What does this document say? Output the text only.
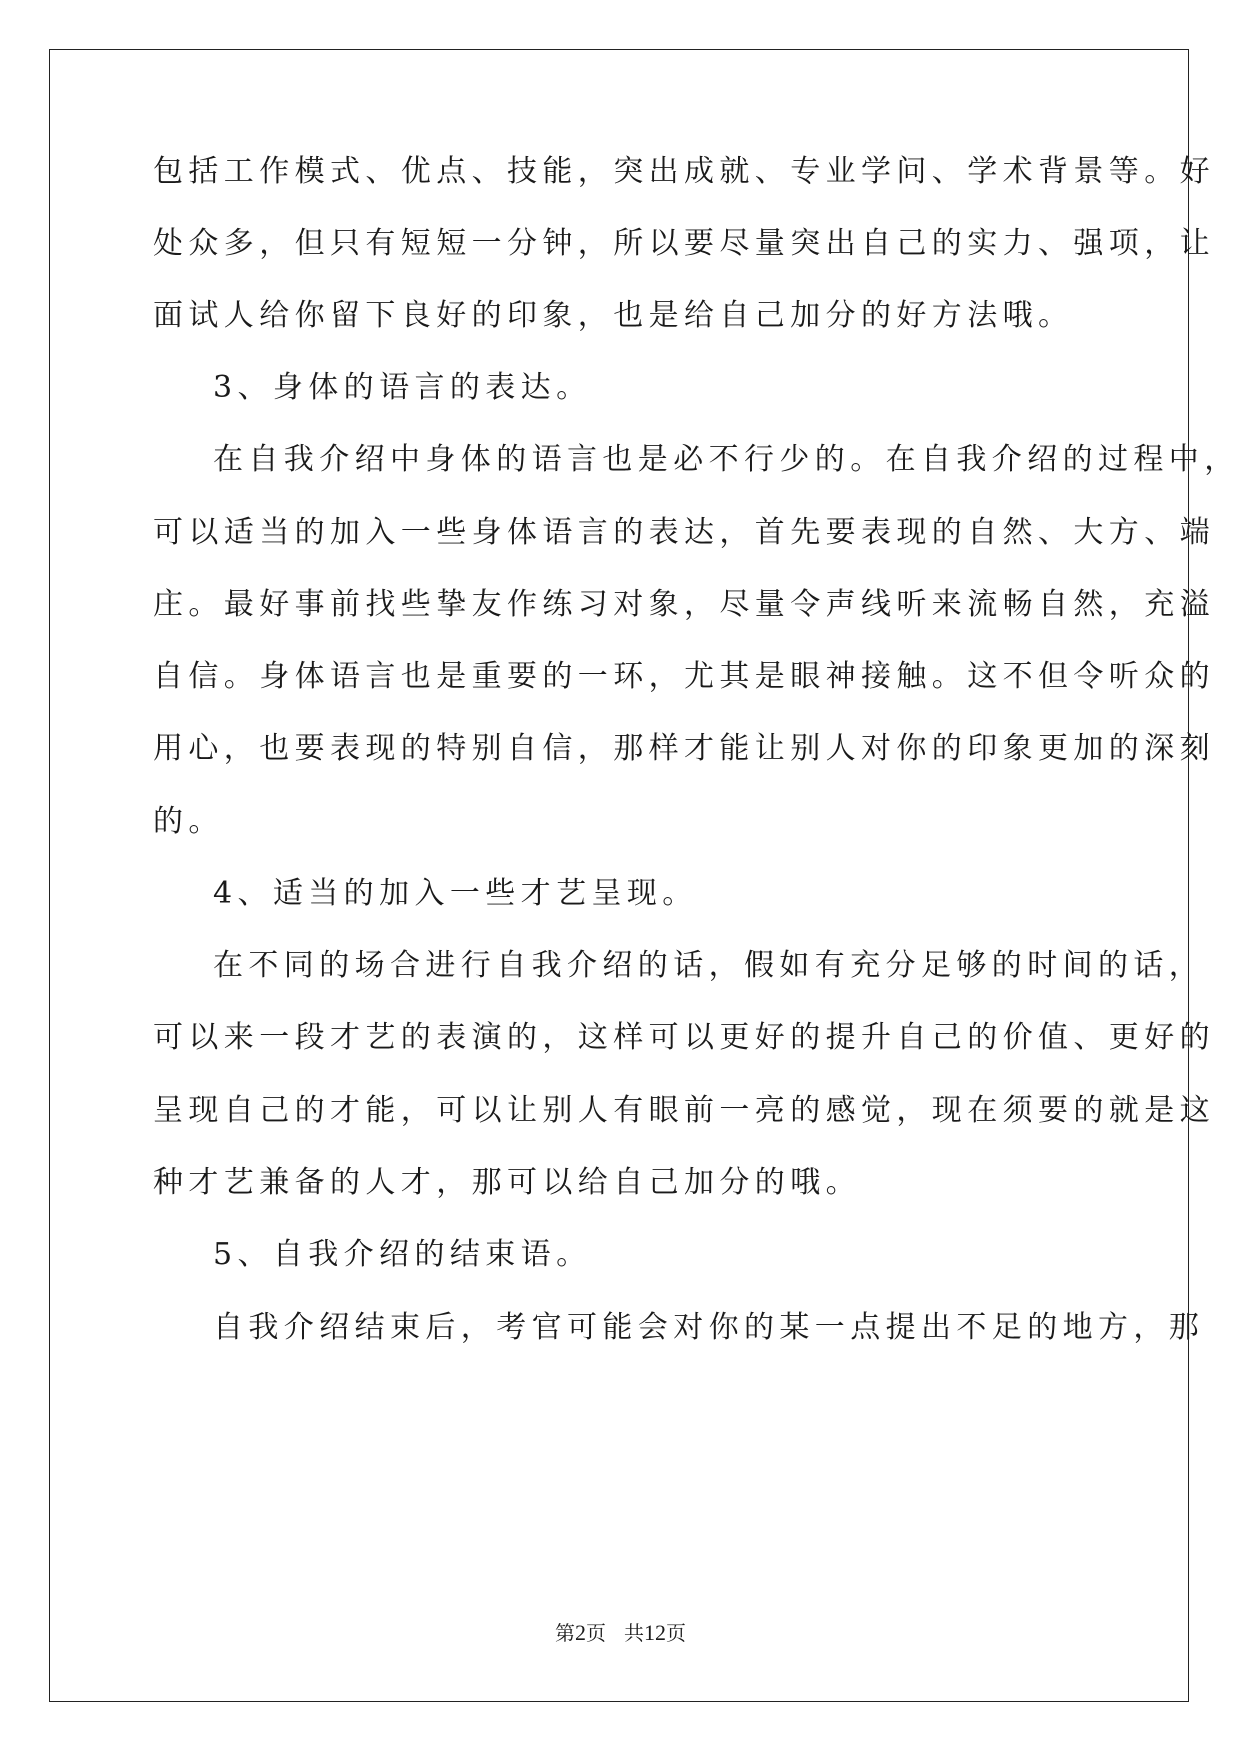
包括工作模式、优点、技能，突出成就、专业学问、学术背景等。好
处众多，但只有短短一分钟，所以要尽量突出自己的实力、强项，让
面试人给你留下良好的印象，也是给自己加分的好方法哦。
3、身体的语言的表达。
在自我介绍中身体的语言也是必不行少的。在自我介绍的过程中，
可以适当的加入一些身体语言的表达，首先要表现的自然、大方、端
庄。最好事前找些挚友作练习对象，尽量令声线听来流畅自然，充溢
自信。身体语言也是重要的一环，尤其是眼神接触。这不但令听众的
用心，也要表现的特别自信，那样才能让别人对你的印象更加的深刻
的。
4、适当的加入一些才艺呈现。
在不同的场合进行自我介绍的话，假如有充分足够的时间的话，
可以来一段才艺的表演的，这样可以更好的提升自己的价值、更好的
呈现自己的才能，可以让别人有眼前一亮的感觉，现在须要的就是这
种才艺兼备的人才，那可以给自己加分的哦。
5、自我介绍的结束语。
自我介绍结束后，考官可能会对你的某一点提出不足的地方，那
第2页 共12页
